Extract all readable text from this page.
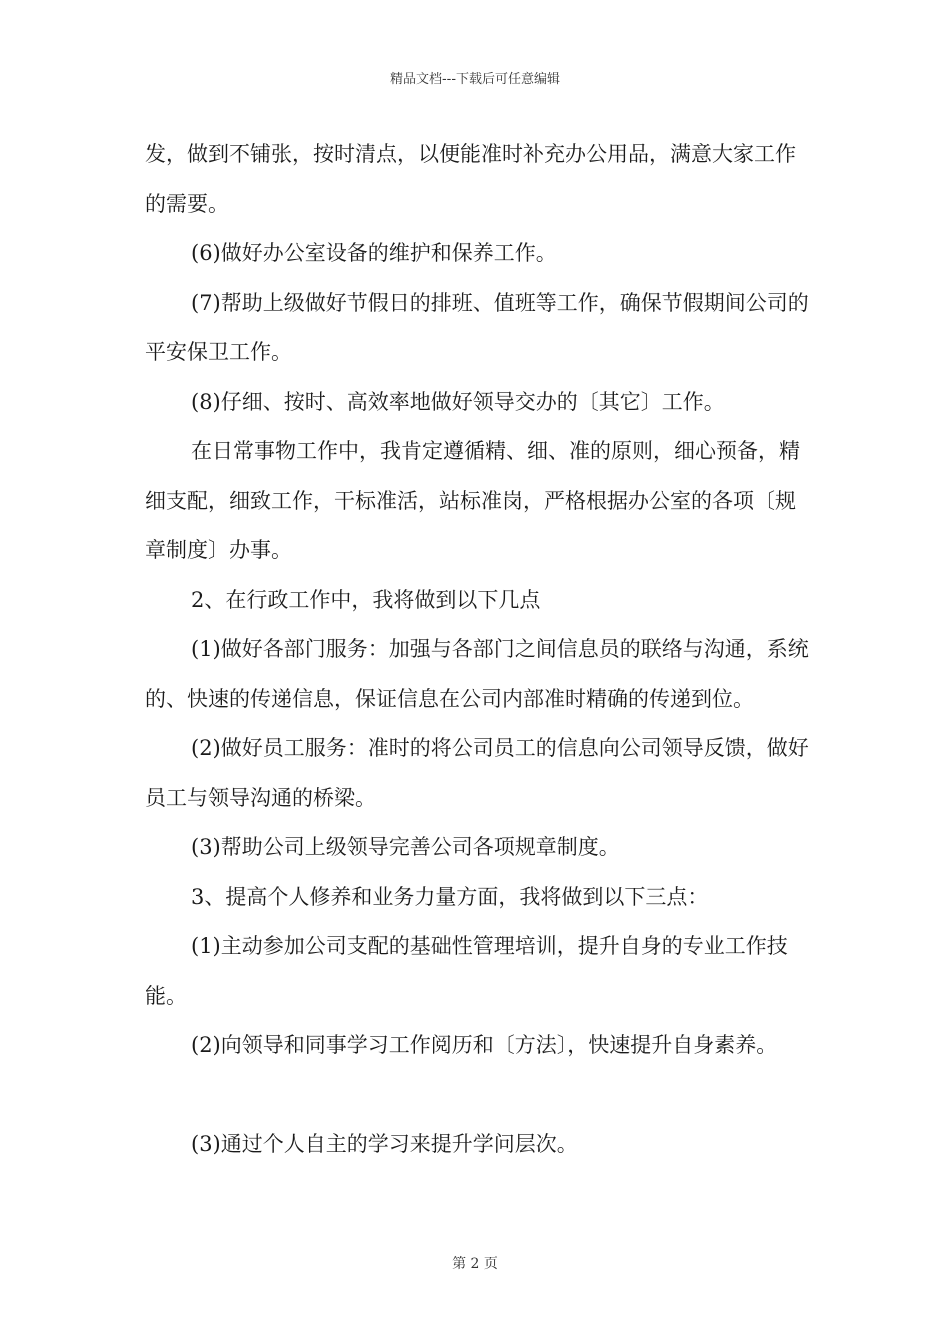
精品文档---下载后可任意编辑

发，做到不铺张，按时清点，以便能准时补充办公用品，满意大家工作的需要。

(6)做好办公室设备的维护和保养工作。

(7)帮助上级做好节假日的排班、值班等工作，确保节假期间公司的平安保卫工作。

(8)仔细、按时、高效率地做好领导交办的〔其它〕工作。

在日常事物工作中，我肯定遵循精、细、准的原则，细心预备，精细支配，细致工作，干标准活，站标准岗，严格根据办公室的各项〔规章制度〕办事。

2、在行政工作中，我将做到以下几点

(1)做好各部门服务：加强与各部门之间信息员的联络与沟通，系统的、快速的传递信息，保证信息在公司内部准时精确的传递到位。

(2)做好员工服务：准时的将公司员工的信息向公司领导反馈，做好员工与领导沟通的桥梁。

(3)帮助公司上级领导完善公司各项规章制度。

3、提高个人修养和业务力量方面，我将做到以下三点：

(1)主动参加公司支配的基础性管理培训，提升自身的专业工作技能。

(2)向领导和同事学习工作阅历和〔方法〕，快速提升自身素养。

(3)通过个人自主的学习来提升学问层次。

第 2 页
